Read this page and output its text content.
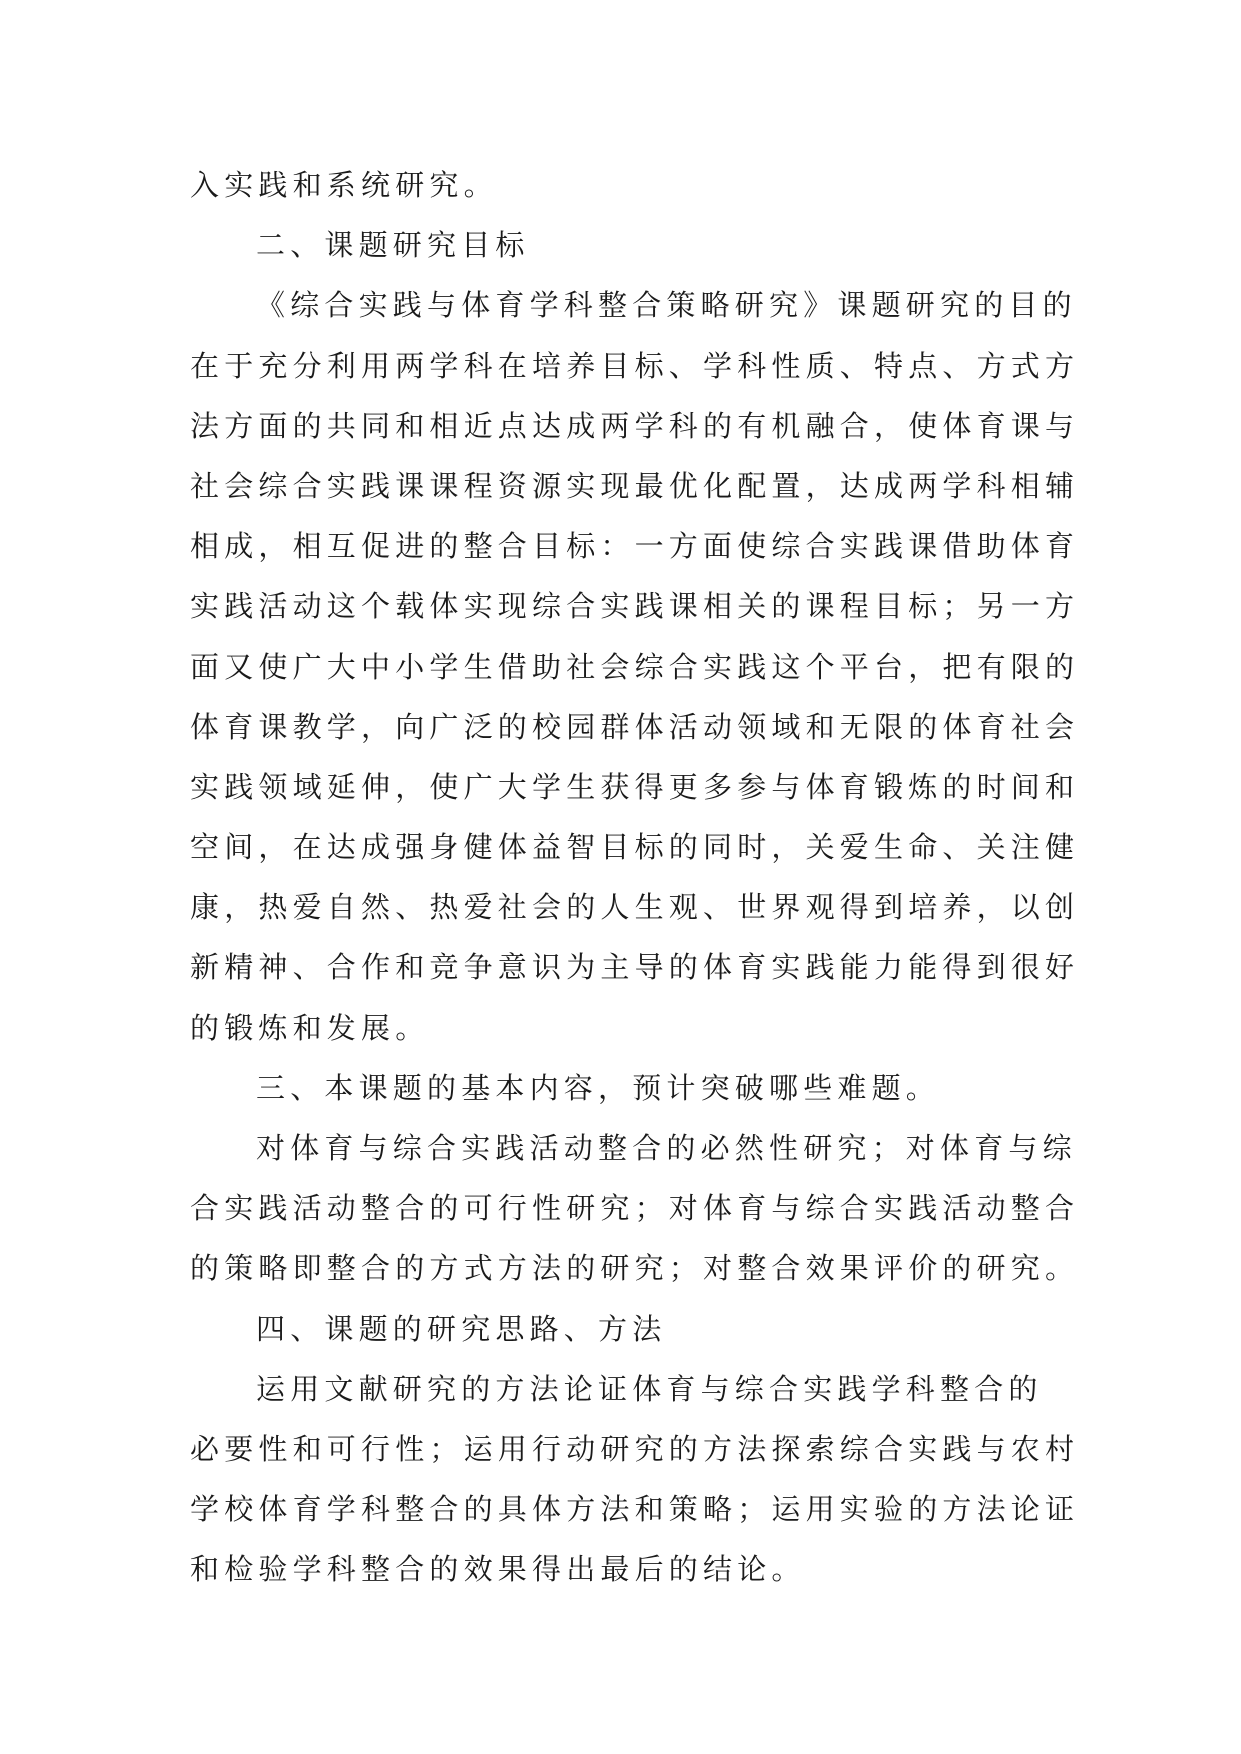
入实践和系统研究。
二、课题研究目标
《综合实践与体育学科整合策略研究》课题研究的目的
在于充分利用两学科在培养目标、学科性质、特点、方式方
法方面的共同和相近点达成两学科的有机融合，使体育课与
社会综合实践课课程资源实现最优化配置，达成两学科相辅
相成，相互促进的整合目标：一方面使综合实践课借助体育
实践活动这个载体实现综合实践课相关的课程目标；另一方
面又使广大中小学生借助社会综合实践这个平台，把有限的
体育课教学，向广泛的校园群体活动领域和无限的体育社会
实践领域延伸，使广大学生获得更多参与体育锻炼的时间和
空间，在达成强身健体益智目标的同时，关爱生命、关注健
康，热爱自然、热爱社会的人生观、世界观得到培养，以创
新精神、合作和竞争意识为主导的体育实践能力能得到很好
的锻炼和发展。
三、本课题的基本内容，预计突破哪些难题。
对体育与综合实践活动整合的必然性研究；对体育与综
合实践活动整合的可行性研究；对体育与综合实践活动整合
的策略即整合的方式方法的研究；对整合效果评价的研究。
四、课题的研究思路、方法
运用文献研究的方法论证体育与综合实践学科整合的
必要性和可行性；运用行动研究的方法探索综合实践与农村
学校体育学科整合的具体方法和策略；运用实验的方法论证
和检验学科整合的效果得出最后的结论。
